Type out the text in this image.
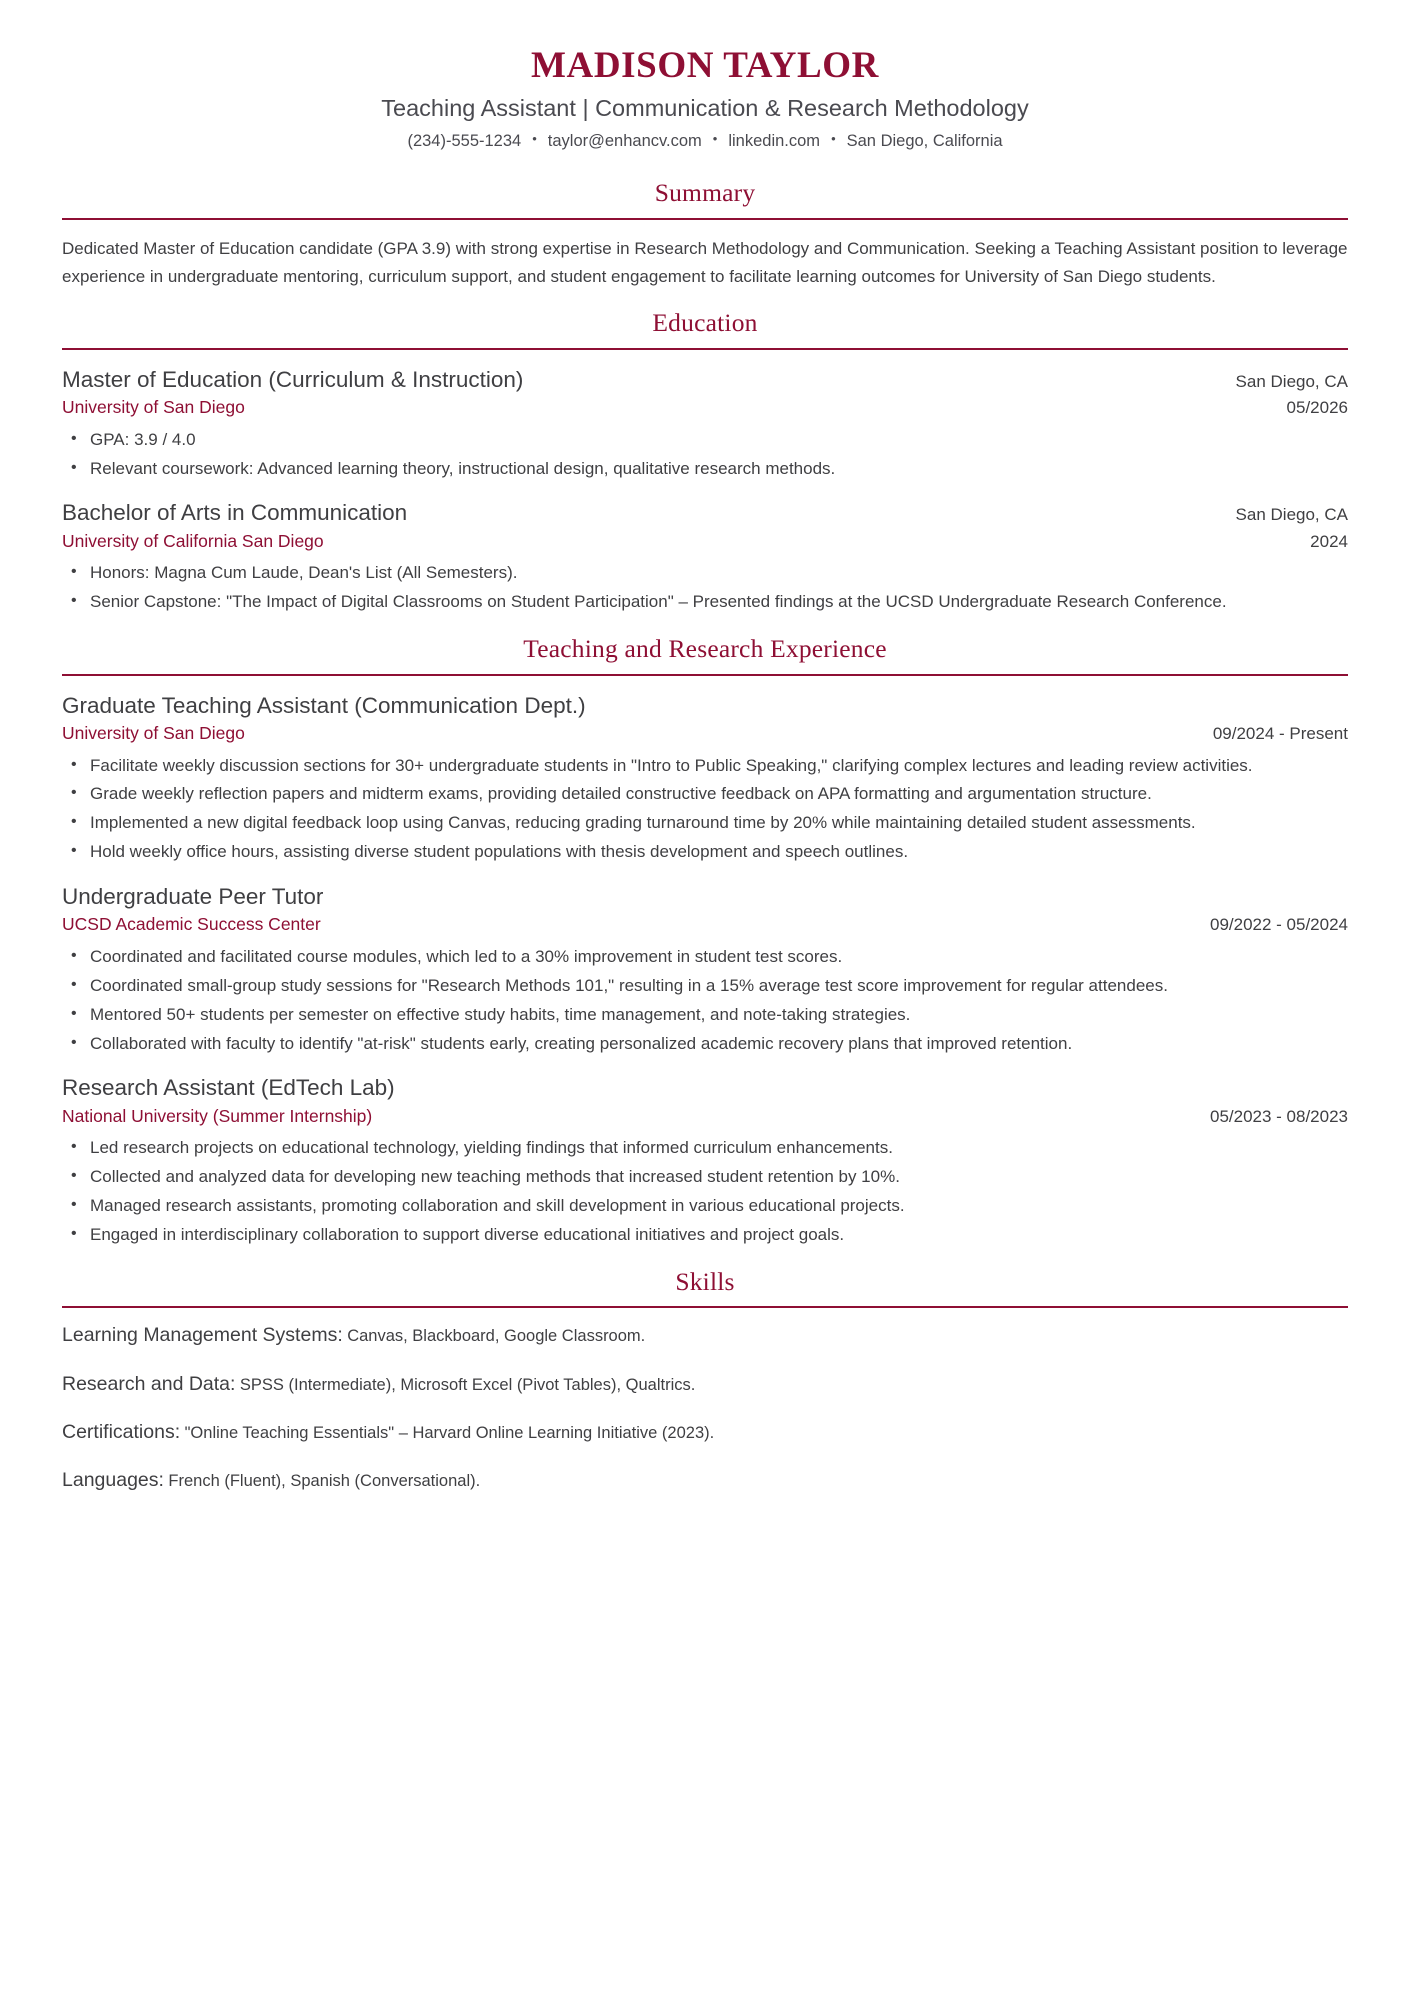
MADISON TAYLOR
Teaching Assistant | Communication & Research Methodology
(234)-555-1234 • taylor@enhancv.com • linkedin.com • San Diego, California
Summary

Dedicated Master of Education candidate (GPA 3.9) with strong expertise in Research Methodology and Communication. Seeking a Teaching Assistant position to leverage experience in undergraduate mentoring, curriculum support, and student engagement to facilitate learning outcomes for University of San Diego students.

Education
Master of Education (Curriculum & Instruction)	San Diego, CA
University of San Diego	05/2026
• GPA: 3.9 / 4.0
• Relevant coursework: Advanced learning theory, instructional design, qualitative research methods.
Bachelor of Arts in Communication	San Diego, CA
University of California San Diego	2024
• Honors: Magna Cum Laude, Dean's List (All Semesters).
• Senior Capstone: "The Impact of Digital Classrooms on Student Participation" – Presented findings at the UCSD Undergraduate Research Conference.
Teaching and Research Experience
Graduate Teaching Assistant (Communication Dept.)
University of San Diego	09/2024 - Present
• Facilitate weekly discussion sections for 30+ undergraduate students in "Intro to Public Speaking," clarifying complex lectures and leading review activities.
• Grade weekly reflection papers and midterm exams, providing detailed constructive feedback on APA formatting and argumentation structure.
• Implemented a new digital feedback loop using Canvas, reducing grading turnaround time by 20% while maintaining detailed student assessments.
• Hold weekly office hours, assisting diverse student populations with thesis development and speech outlines.
Undergraduate Peer Tutor
UCSD Academic Success Center	09/2022 - 05/2024
• Coordinated and facilitated course modules, which led to a 30% improvement in student test scores.
• Coordinated small-group study sessions for "Research Methods 101," resulting in a 15% average test score improvement for regular attendees.
• Mentored 50+ students per semester on effective study habits, time management, and note-taking strategies.
• Collaborated with faculty to identify "at-risk" students early, creating personalized academic recovery plans that improved retention.
Research Assistant (EdTech Lab)
National University (Summer Internship)	05/2023 - 08/2023
• Led research projects on educational technology, yielding findings that informed curriculum enhancements.
• Collected and analyzed data for developing new teaching methods that increased student retention by 10%.
• Managed research assistants, promoting collaboration and skill development in various educational projects.
• Engaged in interdisciplinary collaboration to support diverse educational initiatives and project goals.
Skills
Learning Management Systems: Canvas, Blackboard, Google Classroom.
Research and Data: SPSS (Intermediate), Microsoft Excel (Pivot Tables), Qualtrics.
Certifications: "Online Teaching Essentials" – Harvard Online Learning Initiative (2023).
Languages: French (Fluent), Spanish (Conversational).
